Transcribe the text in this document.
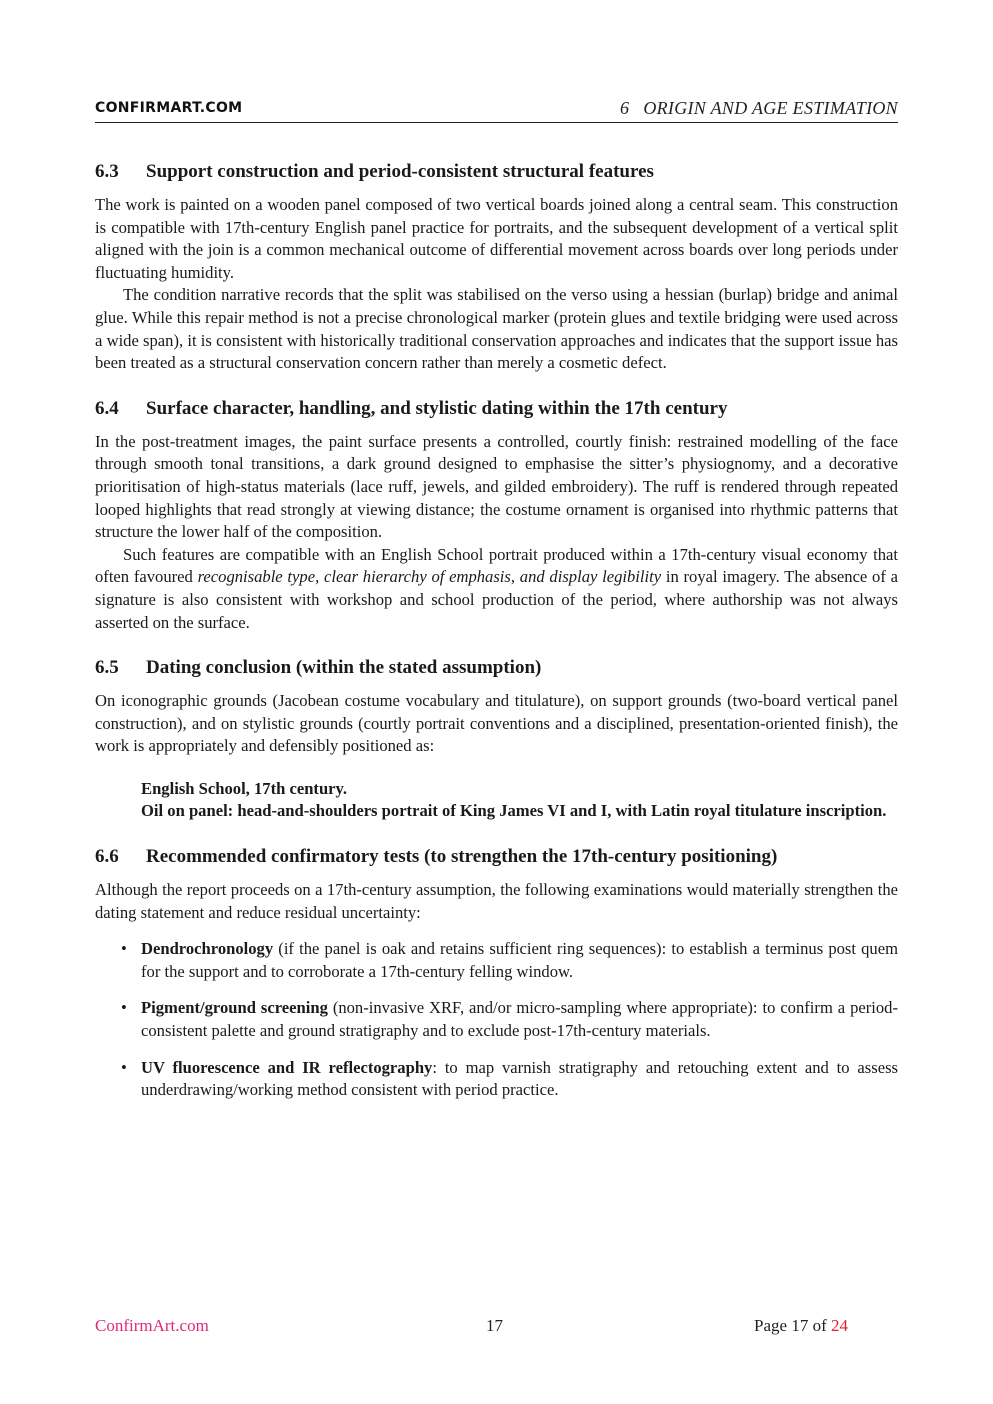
CONFIRMART.COM	6 ORIGIN AND AGE ESTIMATION
6.3	Support construction and period-consistent structural features

The work is painted on a wooden panel composed of two vertical boards joined along a central seam. This construction is compatible with 17th-century English panel practice for portraits, and the subsequent development of a vertical split aligned with the join is a common mechanical outcome of differential movement across boards over long periods under fluctuating humidity.

The condition narrative records that the split was stabilised on the verso using a hessian (burlap) bridge and animal glue. While this repair method is not a precise chronological marker (protein glues and textile bridging were used across a wide span), it is consistent with historically traditional conservation approaches and indicates that the support issue has been treated as a structural conservation concern rather than merely a cosmetic defect.

6.4	Surface character, handling, and stylistic dating within the 17th century

In the post-treatment images, the paint surface presents a controlled, courtly finish: restrained modelling of the face through smooth tonal transitions, a dark ground designed to emphasise the sitter’s physiognomy, and a decorative prioritisation of high-status materials (lace ruff, jewels, and gilded embroidery). The ruff is rendered through repeated looped highlights that read strongly at viewing distance; the costume ornament is organised into rhythmic patterns that structure the lower half of the composition.

Such features are compatible with an English School portrait produced within a 17th-century visual economy that often favoured recognisable type, clear hierarchy of emphasis, and display legibility in royal imagery. The absence of a signature is also consistent with workshop and school production of the period, where authorship was not always asserted on the surface.

6.5	Dating conclusion (within the stated assumption)

On iconographic grounds (Jacobean costume vocabulary and titulature), on support grounds (two-board vertical panel construction), and on stylistic grounds (courtly portrait conventions and a disciplined, presentation-oriented finish), the work is appropriately and defensibly positioned as:

English School, 17th century.
Oil on panel: head-and-shoulders portrait of King James VI and I, with Latin royal titulature inscription.
6.6	Recommended confirmatory tests (to strengthen the 17th-century positioning)

Although the report proceeds on a 17th-century assumption, the following examinations would materially strengthen the dating statement and reduce residual uncertainty:

• Dendrochronology (if the panel is oak and retains sufficient ring sequences): to establish a terminus post quem for the support and to corroborate a 17th-century felling window.
• Pigment/ground screening (non-invasive XRF, and/or micro-sampling where appropriate): to confirm a period-consistent palette and ground stratigraphy and to exclude post-17th-century materials.
• UV fluorescence and IR reflectography: to map varnish stratigraphy and retouching extent and to assess underdrawing/working method consistent with period practice.
ConfirmArt.com	17	Page 17 of 24
